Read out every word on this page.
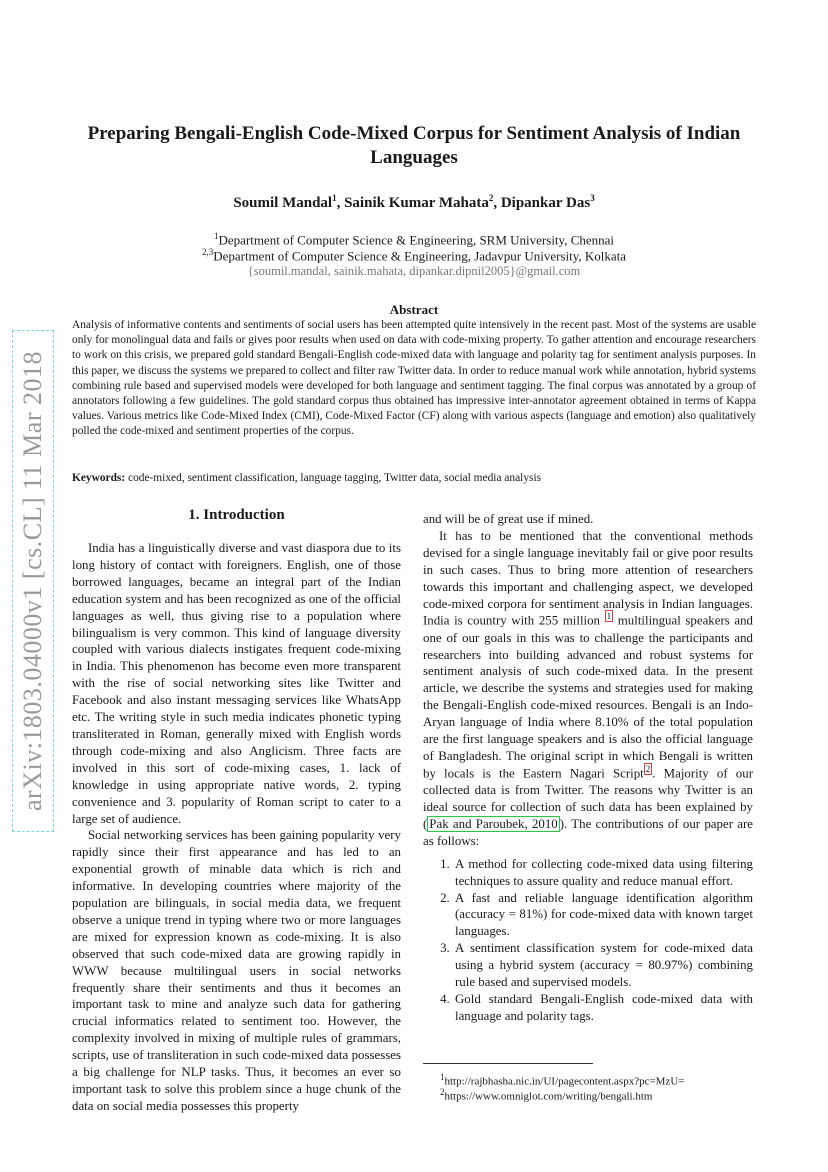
arXiv:1803.04000v1 [cs.CL] 11 Mar 2018
Preparing Bengali-English Code-Mixed Corpus for Sentiment Analysis of Indian Languages
Soumil Mandal$^1$, Sainik Kumar Mahata$^2$, Dipankar Das$^3$
$^1$Department of Computer Science & Engineering, SRM University, Chennai
$^{2,3}$Department of Computer Science & Engineering, Jadavpur University, Kolkata
{soumil.mandal, sainik.mahata, dipankar.dipnil2005}@gmail.com
Abstract
Analysis of informative contents and sentiments of social users has been attempted quite intensively in the recent past. Most of the systems are usable only for monolingual data and fails or gives poor results when used on data with code-mixing property. To gather attention and encourage researchers to work on this crisis, we prepared gold standard Bengali-English code-mixed data with language and polarity tag for sentiment analysis purposes. In this paper, we discuss the systems we prepared to collect and filter raw Twitter data. In order to reduce manual work while annotation, hybrid systems combining rule based and supervised models were developed for both language and sentiment tagging. The final corpus was annotated by a group of annotators following a few guidelines. The gold standard corpus thus obtained has impressive inter-annotator agreement obtained in terms of Kappa values. Various metrics like Code-Mixed Index (CMI), Code-Mixed Factor (CF) along with various aspects (language and emotion) also qualitatively polled the code-mixed and sentiment properties of the corpus.
Keywords: code-mixed, sentiment classification, language tagging, Twitter data, social media analysis
1. Introduction

India has a linguistically diverse and vast diaspora due to its long history of contact with foreigners. English, one of those borrowed languages, became an integral part of the Indian education system and has been recognized as one of the official languages as well, thus giving rise to a population where bilingualism is very common. This kind of language diversity coupled with various dialects instigates frequent code-mixing in India. This phenomenon has become even more transparent with the rise of social networking sites like Twitter and Facebook and also instant messaging services like WhatsApp etc. The writing style in such media indicates phonetic typing transliterated in Roman, generally mixed with English words through code-mixing and also Anglicism. Three facts are involved in this sort of code-mixing cases, 1. lack of knowledge in using appropriate native words, 2. typing convenience and 3. popularity of Roman script to cater to a large set of audience.

Social networking services has been gaining popularity very rapidly since their first appearance and has led to an exponential growth of minable data which is rich and informative. In developing countries where majority of the population are bilinguals, in social media data, we frequent observe a unique trend in typing where two or more languages are mixed for expression known as code-mixing. It is also observed that such code-mixed data are growing rapidly in WWW because multilingual users in social networks frequently share their sentiments and thus it becomes an important task to mine and analyze such data for gathering crucial informatics related to sentiment too. However, the complexity involved in mixing of multiple rules of grammars, scripts, use of transliteration in such code-mixed data possesses a big challenge for NLP tasks. Thus, it becomes an ever so important task to solve this problem since a huge chunk of the data on social media possesses this property

and will be of great use if mined.

It has to be mentioned that the conventional methods devised for a single language inevitably fail or give poor results in such cases. Thus to bring more attention of researchers towards this important and challenging aspect, we developed code-mixed corpora for sentiment analysis in Indian languages. India is country with 255 million $^1$ multilingual speakers and one of our goals in this was to challenge the participants and researchers into building advanced and robust systems for sentiment analysis of such code-mixed data. In the present article, we describe the systems and strategies used for making the Bengali-English code-mixed resources. Bengali is an Indo-Aryan language of India where 8.10% of the total population are the first language speakers and is also the official language of Bangladesh. The original script in which Bengali is written by locals is the Eastern Nagari Script $^2$ . Majority of our collected data is from Twitter. The reasons why Twitter is an ideal source for collection of such data has been explained by ( Pak and Paroubek, 2010 ). The contributions of our paper are as follows:

1. A method for collecting code-mixed data using filtering techniques to assure quality and reduce manual effort.
2. A fast and reliable language identification algorithm (accuracy = 81%) for code-mixed data with known target languages.
3. A sentiment classification system for code-mixed data using a hybrid system (accuracy = 80.97%) combining rule based and supervised models.
4. Gold standard Bengali-English code-mixed data with language and polarity tags.
$^1$http://rajbhasha.nic.in/UI/pagecontent.aspx?pc=MzU=
$^2$https://www.omniglot.com/writing/bengali.htm
